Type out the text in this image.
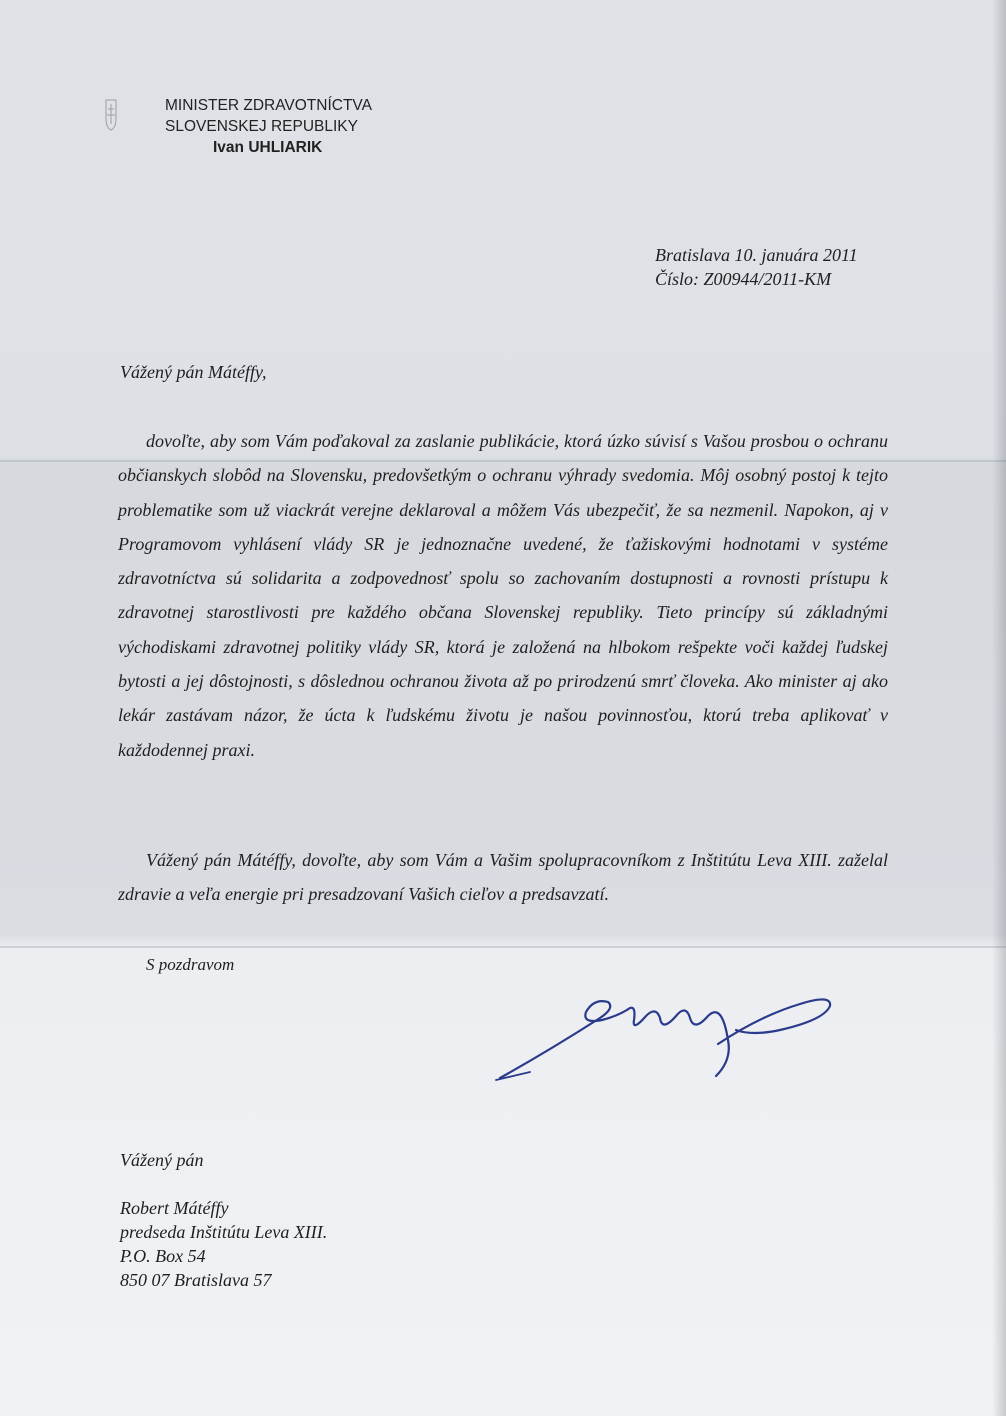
MINISTER ZDRAVOTNÍCTVA
SLOVENSKEJ REPUBLIKY
Ivan UHLIARIK
Bratislava 10. januára 2011
Číslo: Z00944/2011-KM
Vážený pán Mátéffy,

dovoľte, aby som Vám poďakoval za zaslanie publikácie, ktorá úzko súvisí s Vašou prosbou o ochranu občianskych slobôd na Slovensku, predovšetkým o ochranu výhrady svedomia. Môj osobný postoj k tejto problematike som už viackrát verejne deklaroval a môžem Vás ubezpečiť, že sa nezmenil. Napokon, aj v Programovom vyhlásení vlády SR je jednoznačne uvedené, že ťažiskovými hodnotami v systéme zdravotníctva sú solidarita a zodpovednosť spolu so zachovaním dostupnosti a rovnosti prístupu k zdravotnej starostlivosti pre každého občana Slovenskej republiky. Tieto princípy sú základnými východiskami zdravotnej politiky vlády SR, ktorá je založená na hlbokom rešpekte voči každej ľudskej bytosti a jej dôstojnosti, s dôslednou ochranou života až po prirodzenú smrť človeka. Ako minister aj ako lekár zastávam názor, že úcta k ľudskému životu je našou povinnosťou, ktorú treba aplikovať v každodennej praxi.

Vážený pán Mátéffy, dovoľte, aby som Vám a Vašim spolupracovníkom z Inštitútu Leva XIII. zaželal zdravie a veľa energie pri presadzovaní Vašich cieľov a predsavzatí.

S pozdravom
Vážený pán
Robert Mátéffy
predseda Inštitútu Leva XIII.
P.O. Box 54
850 07 Bratislava 57
